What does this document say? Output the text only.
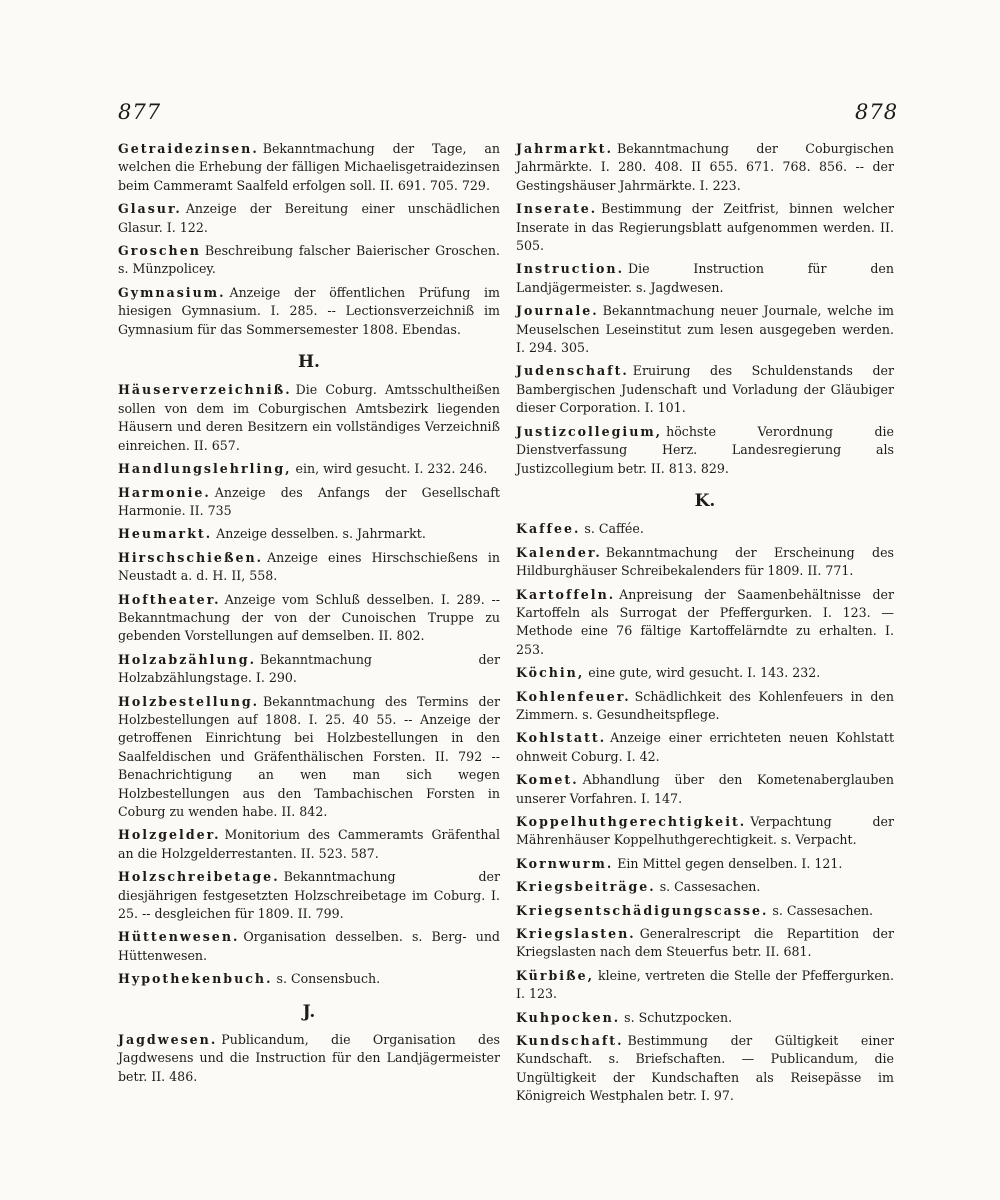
877	878

Getraidezinsen. Bekanntmachung der Tage, an welchen die Erhebung der fälligen Michaelisgetraidezinsen beim Cammeramt Saalfeld erfolgen soll. II. 691. 705. 729.

Glasur. Anzeige der Bereitung einer unschädlichen Glasur. I. 122.

Groschen Beschreibung falscher Baierischer Groschen. s. Münzpolicey.

Gymnasium. Anzeige der öffentlichen Prüfung im hiesigen Gymnasium. I. 285. -- Lectionsverzeichniß im Gymnasium für das Sommersemester 1808. Ebendas.

H.

Häuserverzeichniß. Die Coburg. Amtsschultheißen sollen von dem im Coburgischen Amtsbezirk liegenden Häusern und deren Besitzern ein vollständiges Verzeichniß einreichen. II. 657.

Handlungslehrling, ein, wird gesucht. I. 232. 246.

Harmonie. Anzeige des Anfangs der Gesellschaft Harmonie. II. 735

Heumarkt. Anzeige desselben. s. Jahrmarkt.

Hirschschießen. Anzeige eines Hirschschießens in Neustadt a. d. H. II, 558.

Hoftheater. Anzeige vom Schluß desselben. I. 289. -- Bekanntmachung der von der Cunoischen Truppe zu gebenden Vorstellungen auf demselben. II. 802.

Holzabzählung. Bekanntmachung der Holzabzählungstage. I. 290.

Holzbestellung. Bekanntmachung des Termins der Holzbestellungen auf 1808. I. 25. 40 55. -- Anzeige der getroffenen Einrichtung bei Holzbestellungen in den Saalfeldischen und Gräfenthälischen Forsten. II. 792 -- Benachrichtigung an wen man sich wegen Holzbestellungen aus den Tambachischen Forsten in Coburg zu wenden habe. II. 842.

Holzgelder. Monitorium des Cammeramts Gräfenthal an die Holzgelderrestanten. II. 523. 587.

Holzschreibetage. Bekanntmachung der diesjährigen festgesetzten Holzschreibetage im Coburg. I. 25. -- desgleichen für 1809. II. 799.

Hüttenwesen. Organisation desselben. s. Berg- und Hüttenwesen.

Hypothekenbuch. s. Consensbuch.

J.

Jagdwesen. Publicandum, die Organisation des Jagdwesens und die Instruction für den Landjägermeister betr. II. 486.

Jahrmarkt. Bekanntmachung der Coburgischen Jahrmärkte. I. 280. 408. II 655. 671. 768. 856. -- der Gestingshäuser Jahrmärkte. I. 223.

Inserate. Bestimmung der Zeitfrist, binnen welcher Inserate in das Regierungsblatt aufgenommen werden. II. 505.

Instruction. Die Instruction für den Landjägermeister. s. Jagdwesen.

Journale. Bekanntmachung neuer Journale, welche im Meuselschen Leseinstitut zum lesen ausgegeben werden. I. 294. 305.

Judenschaft. Eruirung des Schuldenstands der Bambergischen Judenschaft und Vorladung der Gläubiger dieser Corporation. I. 101.

Justizcollegium, höchste Verordnung die Dienstverfassung Herz. Landesregierung als Justizcollegium betr. II. 813. 829.

K.

Kaffee. s. Caffée.

Kalender. Bekanntmachung der Erscheinung des Hildburghäuser Schreibekalenders für 1809. II. 771.

Kartoffeln. Anpreisung der Saamenbehältnisse der Kartoffeln als Surrogat der Pfeffergurken. I. 123. — Methode eine 76 fältige Kartoffelärndte zu erhalten. I. 253.

Köchin, eine gute, wird gesucht. I. 143. 232.

Kohlenfeuer. Schädlichkeit des Kohlenfeuers in den Zimmern. s. Gesundheitspflege.

Kohlstatt. Anzeige einer errichteten neuen Kohlstatt ohnweit Coburg. I. 42.

Komet. Abhandlung über den Kometenaberglauben unserer Vorfahren. I. 147.

Koppelhuthgerechtigkeit. Verpachtung der Mährenhäuser Koppelhuthgerechtigkeit. s. Verpacht.

Kornwurm. Ein Mittel gegen denselben. I. 121.

Kriegsbeiträge. s. Cassesachen.

Kriegsentschädigungscasse. s. Cassesachen.

Kriegslasten. Generalrescript die Repartition der Kriegslasten nach dem Steuerfus betr. II. 681.

Kürbiße, kleine, vertreten die Stelle der Pfeffergurken. I. 123.

Kuhpocken. s. Schutzpocken.

Kundschaft. Bestimmung der Gültigkeit einer Kundschaft. s. Briefschaften. — Publicandum, die Ungültigkeit der Kundschaften als Reisepässe im Königreich Westphalen betr. I. 97.
